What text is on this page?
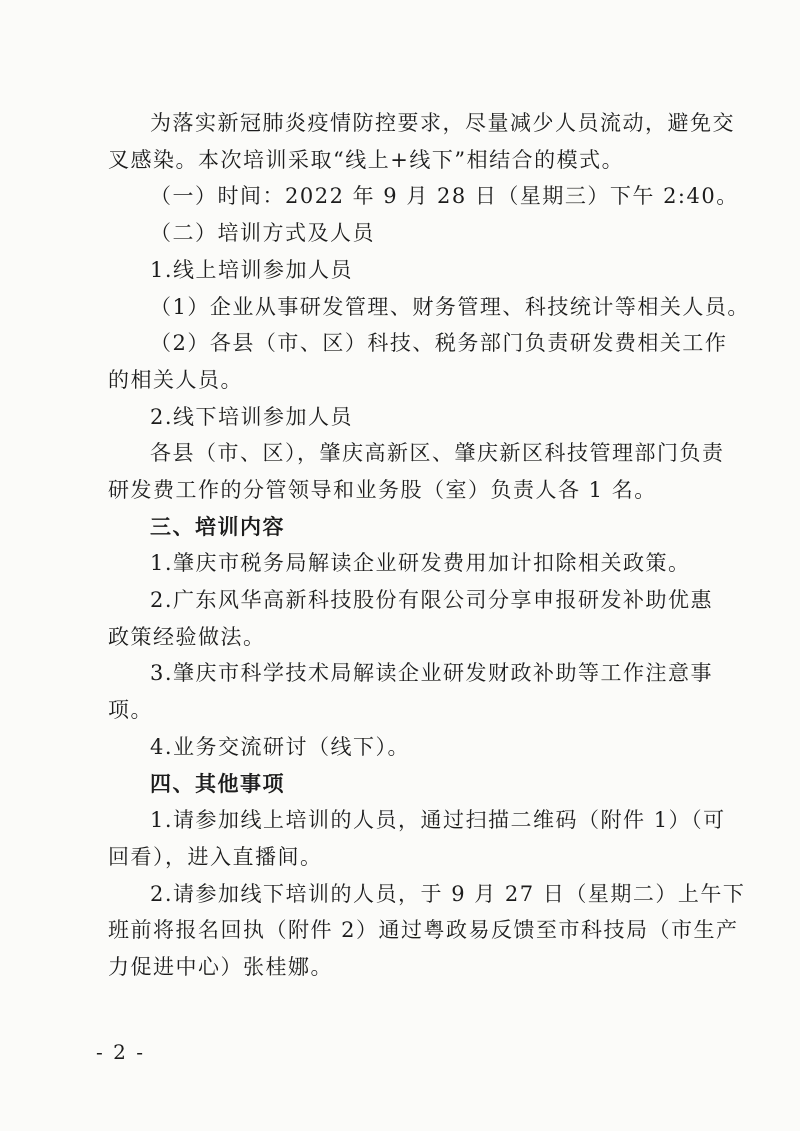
为落实新冠肺炎疫情防控要求，尽量减少人员流动，避免交
叉感染。本次培训采取“线上+线下”相结合的模式。
（一）时间：2022 年 9 月 28 日（星期三）下午 2:40。
（二）培训方式及人员
1.线上培训参加人员
（1）企业从事研发管理、财务管理、科技统计等相关人员。
（2）各县（市、区）科技、税务部门负责研发费相关工作
的相关人员。
2.线下培训参加人员
各县（市、区），肇庆高新区、肇庆新区科技管理部门负责
研发费工作的分管领导和业务股（室）负责人各 1 名。
三、培训内容
1.肇庆市税务局解读企业研发费用加计扣除相关政策。
2.广东风华高新科技股份有限公司分享申报研发补助优惠
政策经验做法。
3.肇庆市科学技术局解读企业研发财政补助等工作注意事
项。
4.业务交流研讨（线下）。
四、其他事项
1.请参加线上培训的人员，通过扫描二维码（附件 1）（可
回看），进入直播间。
2.请参加线下培训的人员，于 9 月 27 日（星期二）上午下
班前将报名回执（附件 2）通过粤政易反馈至市科技局（市生产
力促进中心）张桂娜。
- 2 -
